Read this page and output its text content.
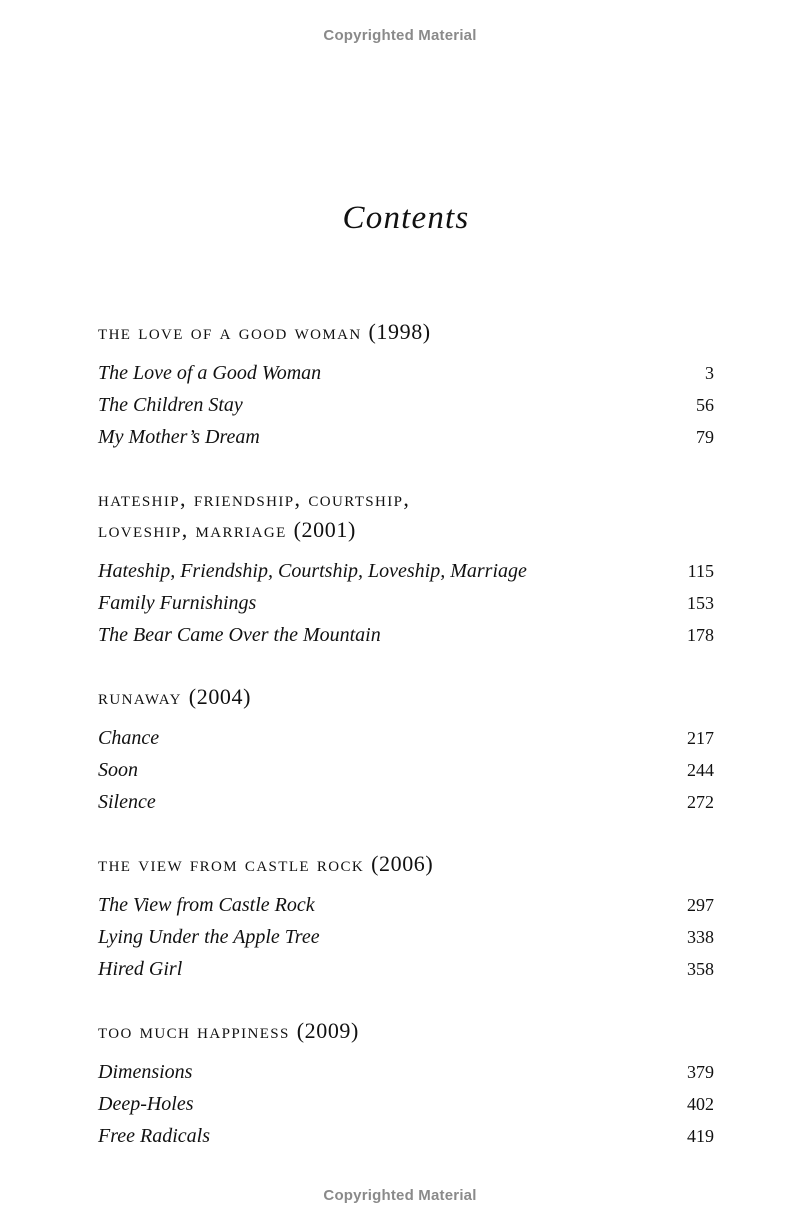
Copyrighted Material
Contents
the love of a good woman (1998)
The Love of a Good Woman	3
The Children Stay	56
My Mother’s Dream	79
hateship, friendship, courtship,
loveship, marriage (2001)
Hateship, Friendship, Courtship, Loveship, Marriage	115
Family Furnishings	153
The Bear Came Over the Mountain	178
runaway (2004)
Chance	217
Soon	244
Silence	272
the view from castle rock (2006)
The View from Castle Rock	297
Lying Under the Apple Tree	338
Hired Girl	358
too much happiness (2009)
Dimensions	379
Deep-Holes	402
Free Radicals	419
Copyrighted Material
